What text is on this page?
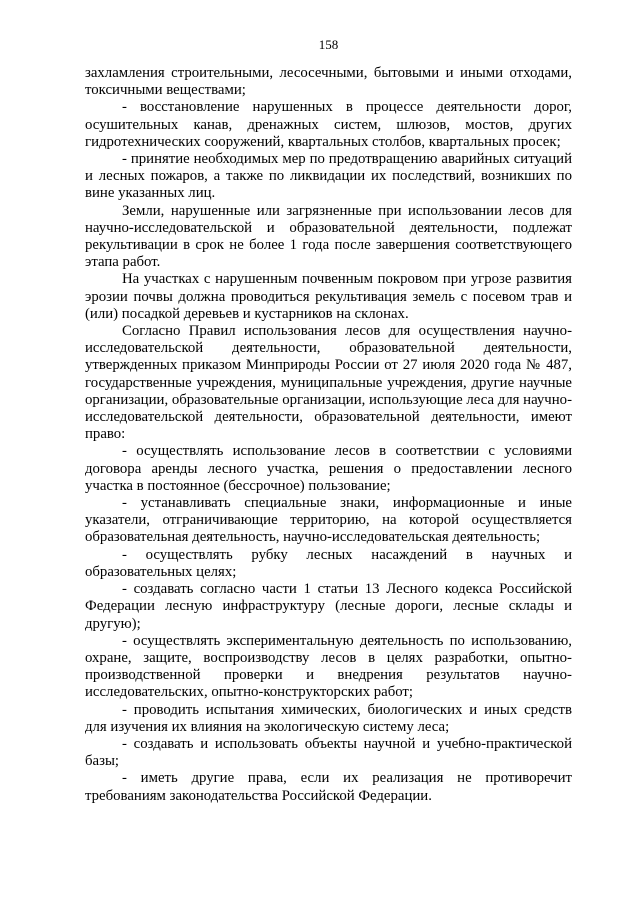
158

захламления строительными, лесосечными, бытовыми и иными отходами, токсичными веществами;

- восстановление нарушенных в процессе деятельности дорог, осушительных канав, дренажных систем, шлюзов, мостов, других гидротехнических сооружений, квартальных столбов, квартальных просек;

- принятие необходимых мер по предотвращению аварийных ситуаций и лесных пожаров, а также по ликвидации их последствий, возникших по вине указанных лиц.

Земли, нарушенные или загрязненные при использовании лесов для научно-исследовательской и образовательной деятельности, подлежат рекультивации в срок не более 1 года после завершения соответствующего этапа работ.

На участках с нарушенным почвенным покровом при угрозе развития эрозии почвы должна проводиться рекультивация земель с посевом трав и (или) посадкой деревьев и кустарников на склонах.

Согласно Правил использования лесов для осуществления научно-исследовательской деятельности, образовательной деятельности, утвержденных приказом Минприроды России от 27 июля 2020 года № 487, государственные учреждения, муниципальные учреждения, другие научные организации, образовательные организации, использующие леса для научно-исследовательской деятельности, образовательной деятельности, имеют право:

- осуществлять использование лесов в соответствии с условиями договора аренды лесного участка, решения о предоставлении лесного участка в постоянное (бессрочное) пользование;

- устанавливать специальные знаки, информационные и иные указатели, отграничивающие территорию, на которой осуществляется образовательная деятельность, научно-исследовательская деятельность;

- осуществлять рубку лесных насаждений в научных и образовательных целях;

- создавать согласно части 1 статьи 13 Лесного кодекса Российской Федерации лесную инфраструктуру (лесные дороги, лесные склады и другую);

- осуществлять экспериментальную деятельность по использованию, охране, защите, воспроизводству лесов в целях разработки, опытно-производственной проверки и внедрения результатов научно-исследовательских, опытно-конструкторских работ;

- проводить испытания химических, биологических и иных средств для изучения их влияния на экологическую систему леса;

- создавать и использовать объекты научной и учебно-практической базы;

- иметь другие права, если их реализация не противоречит требованиям законодательства Российской Федерации.
